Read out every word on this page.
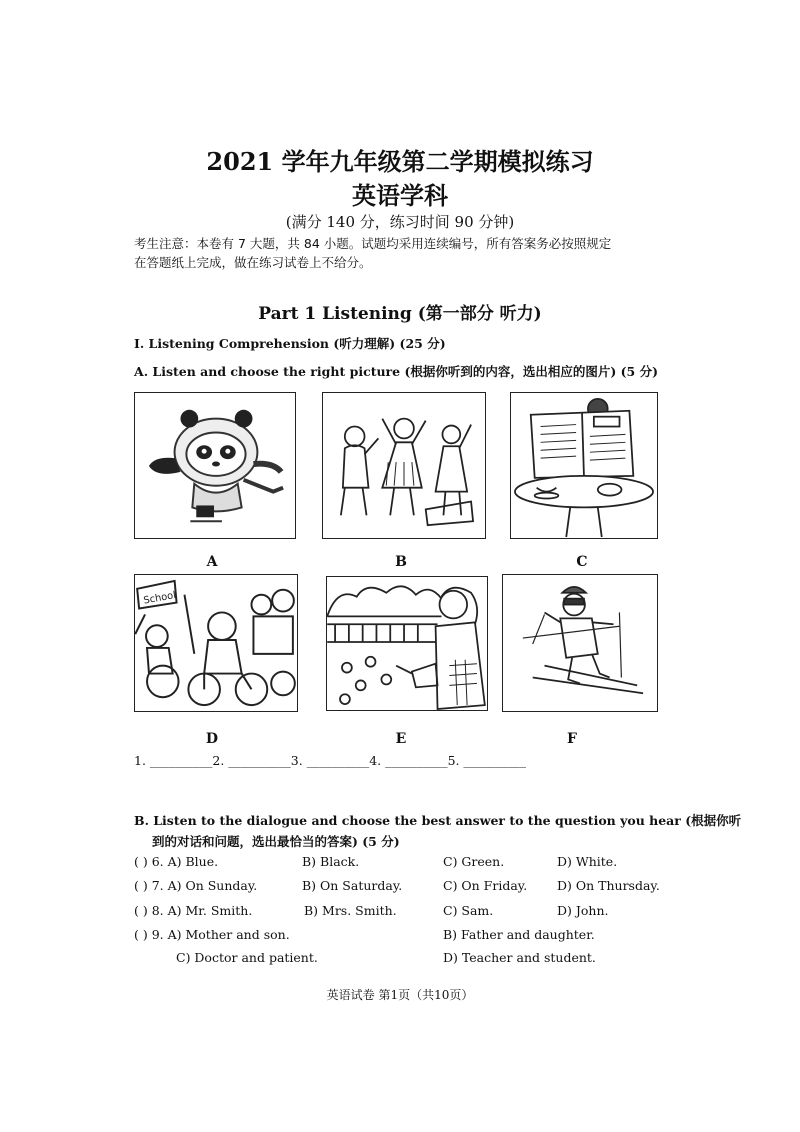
2021 学年九年级第二学期模拟练习
英语学科
(满分 140 分，练习时间 90 分钟)
考生注意：本卷有 7 大题，共 84 小题。试题均采用连续编号，所有答案务必按照规定
在答题纸上完成，做在练习试卷上不给分。
Part 1 Listening (第一部分 听力)
I. Listening Comprehension (听力理解) (25 分)
A. Listen and choose the right picture (根据你听到的内容，选出相应的图片) (5 分)
A	B	C
School
D	E	F
1. __________2. __________3. __________4. __________5. __________
B. Listen to the dialogue and choose the best answer to the question you hear (根据你听
到的对话和问题，选出最恰当的答案) (5 分)
( ) 6. A) Blue.	B) Black.	C) Green.	D) White.
( ) 7. A) On Sunday.	B) On Saturday.	C) On Friday. D) On Thursday.
( ) 8. A) Mr. Smith.	B) Mrs. Smith.	C) Sam.	D) John.
( ) 9. A) Mother and son.	B) Father and daughter.
C) Doctor and patient.	D) Teacher and student.
英语试卷 第1页（共10页）
